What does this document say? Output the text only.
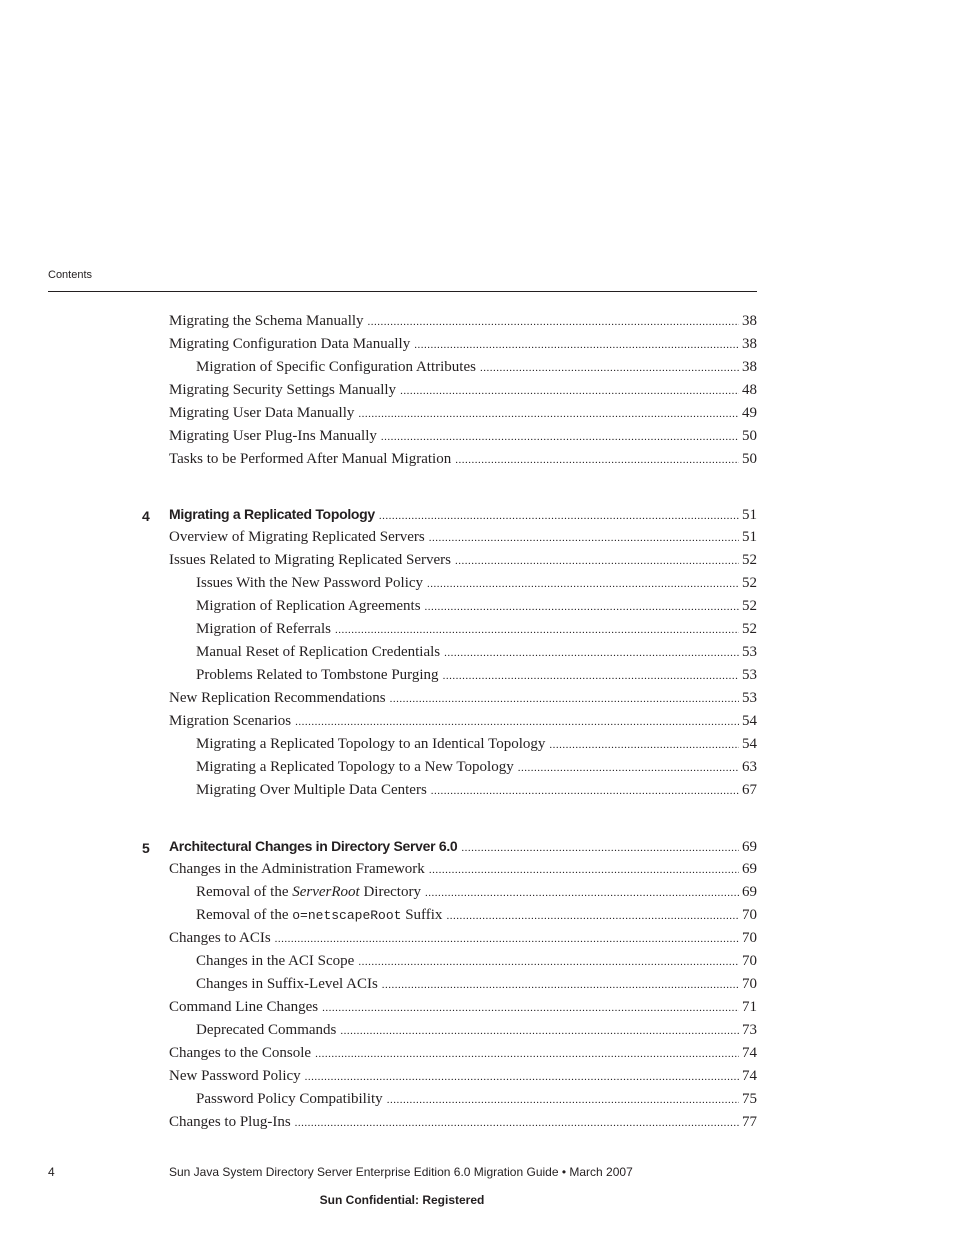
Contents
Migrating the Schema Manually .....	38
Migrating Configuration Data Manually .....	38
Migration of Specific Configuration Attributes .....	38
Migrating Security Settings Manually .....	48
Migrating User Data Manually .....	49
Migrating User Plug-Ins Manually .....	50
Tasks to be Performed After Manual Migration .....	50
4 Migrating a Replicated Topology .....	51
Overview of Migrating Replicated Servers .....	51
Issues Related to Migrating Replicated Servers .....	52
Issues With the New Password Policy .....	52
Migration of Replication Agreements .....	52
Migration of Referrals .....	52
Manual Reset of Replication Credentials .....	53
Problems Related to Tombstone Purging .....	53
New Replication Recommendations .....	53
Migration Scenarios .....	54
Migrating a Replicated Topology to an Identical Topology .....	54
Migrating a Replicated Topology to a New Topology .....	63
Migrating Over Multiple Data Centers .....	67
5 Architectural Changes in Directory Server 6.0 .....	69
Changes in the Administration Framework .....	69
Removal of the ServerRoot Directory .....	69
Removal of the o=netscapeRoot Suffix .....	70
Changes to ACIs .....	70
Changes in the ACI Scope .....	70
Changes in Suffix-Level ACIs .....	70
Command Line Changes .....	71
Deprecated Commands .....	73
Changes to the Console .....	74
New Password Policy .....	74
Password Policy Compatibility .....	75
Changes to Plug-Ins .....	77
4	Sun Java System Directory Server Enterprise Edition 6.0 Migration Guide • March 2007
Sun Confidential: Registered
